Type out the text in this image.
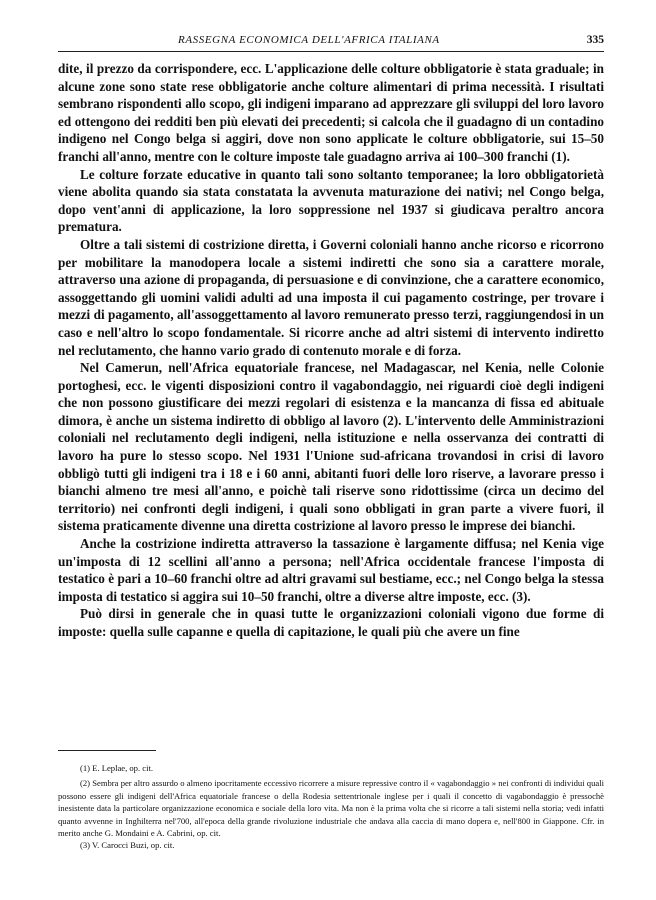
RASSEGNA ECONOMICA DELL'AFRICA ITALIANA	335

dite, il prezzo da corrispondere, ecc. L'applicazione delle colture obbligatorie è stata graduale; in alcune zone sono state rese obbligatorie anche colture alimentari di prima necessità. I risultati sembrano rispondenti allo scopo, gli indigeni imparano ad apprezzare gli sviluppi del loro lavoro ed ottengono dei redditi ben più elevati dei precedenti; si calcola che il guadagno di un contadino indigeno nel Congo belga si aggiri, dove non sono applicate le colture obbligatorie, sui 15–50 franchi all'anno, mentre con le colture imposte tale guadagno arriva ai 100–300 franchi (1).

Le colture forzate educative in quanto tali sono soltanto temporanee; la loro obbligatorietà viene abolita quando sia stata constatata la avvenuta maturazione dei nativi; nel Congo belga, dopo vent'anni di applicazione, la loro soppressione nel 1937 si giudicava peraltro ancora prematura.

Oltre a tali sistemi di costrizione diretta, i Governi coloniali hanno anche ricorso e ricorrono per mobilitare la manodopera locale a sistemi indiretti che sono sia a carattere morale, attraverso una azione di propaganda, di persuasione e di convinzione, che a carattere economico, assoggettando gli uomini validi adulti ad una imposta il cui pagamento costringe, per trovare i mezzi di pagamento, all'assoggettamento al lavoro remunerato presso terzi, raggiungendosi in un caso e nell'altro lo scopo fondamentale. Si ricorre anche ad altri sistemi di intervento indiretto nel reclutamento, che hanno vario grado di contenuto morale e di forza.

Nel Camerun, nell'Africa equatoriale francese, nel Madagascar, nel Kenia, nelle Colonie portoghesi, ecc. le vigenti disposizioni contro il vagabondaggio, nei riguardi cioè degli indigeni che non possono giustificare dei mezzi regolari di esistenza e la mancanza di fissa ed abituale dimora, è anche un sistema indiretto di obbligo al lavoro (2). L'intervento delle Amministrazioni coloniali nel reclutamento degli indigeni, nella istituzione e nella osservanza dei contratti di lavoro ha pure lo stesso scopo. Nel 1931 l'Unione sud-africana trovandosi in crisi di lavoro obbligò tutti gli indigeni tra i 18 e i 60 anni, abitanti fuori delle loro riserve, a lavorare presso i bianchi almeno tre mesi all'anno, e poichè tali riserve sono ridottissime (circa un decimo del territorio) nei confronti degli indigeni, i quali sono obbligati in gran parte a vivere fuori, il sistema praticamente divenne una diretta costrizione al lavoro presso le imprese dei bianchi.

Anche la costrizione indiretta attraverso la tassazione è largamente diffusa; nel Kenia vige un'imposta di 12 scellini all'anno a persona; nell'Africa occidentale francese l'imposta di testatico è pari a 10–60 franchi oltre ad altri gravami sul bestiame, ecc.; nel Congo belga la stessa imposta di testatico si aggira sui 10–50 franchi, oltre a diverse altre imposte, ecc. (3).

Può dirsi in generale che in quasi tutte le organizzazioni coloniali vigono due forme di imposte: quella sulle capanne e quella di capitazione, le quali più che avere un fine

(1) E. Leplae, op. cit.

(2) Sembra per altro assurdo o almeno ipocritamente eccessivo ricorrere a misure repressive contro il « vagabondaggio » nei confronti di individui quali possono essere gli indigeni dell'Africa equatoriale francese o della Rodesia settentrionale inglese per i quali il concetto di vagabondaggio è pressochè inesistente data la particolare organizzazione economica e sociale della loro vita. Ma non è la prima volta che si ricorre a tali sistemi nella storia; vedi infatti quanto avvenne in Inghilterra nel'700, all'epoca della grande rivoluzione industriale che andava alla caccia di mano dopera e, nell'800 in Giappone. Cfr. in merito anche G. Mondaini e A. Cabrini, op. cit.

(3) V. Carocci Buzi, op. cit.
